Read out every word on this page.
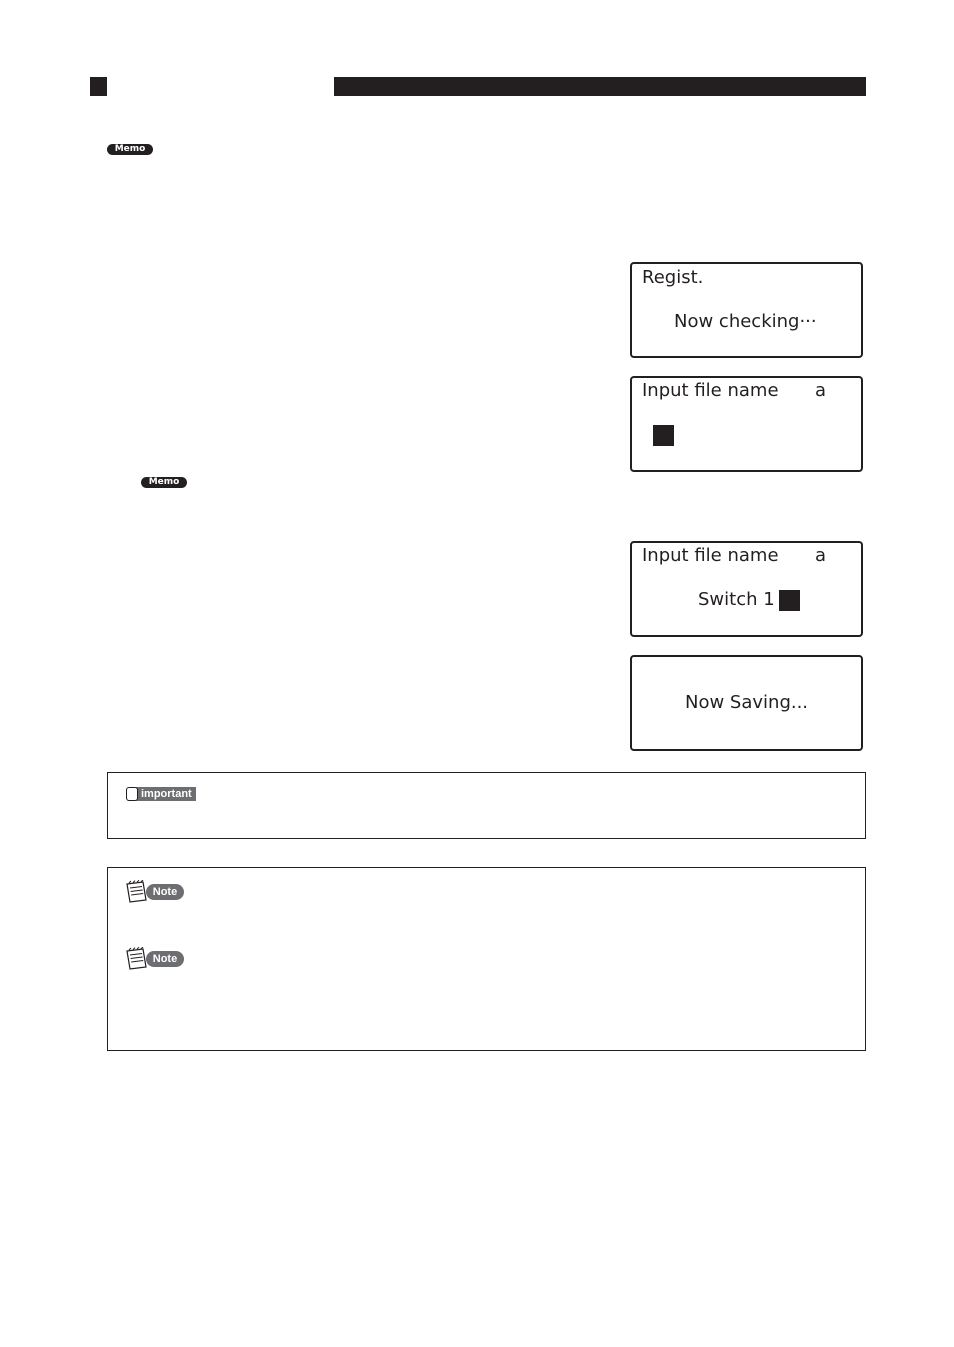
Memo
Regist.
Now checking···
Input file name a
Memo
Input file name a
Switch 1
Now Saving...
important
Note
Note
